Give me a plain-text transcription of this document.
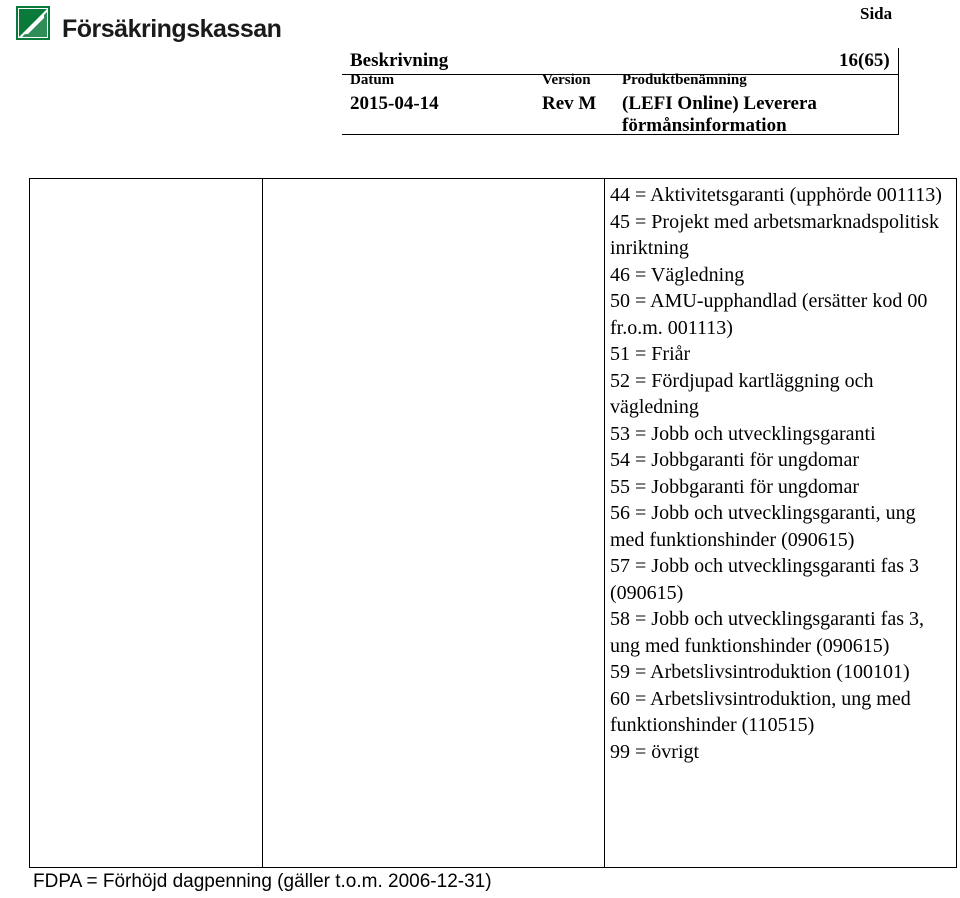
Försäkringskassan
Sida
Beskrivning	16(65)
Datum
2015-04-14
Version
Rev M
Produktbenämning
(LEFI Online) Leverera förmånsinformation
44 = Aktivitetsgaranti (upphörde 001113)
45 = Projekt med arbetsmarknadspolitisk inriktning
46 = Vägledning
50 = AMU-upphandlad (ersätter kod 00 fr.o.m. 001113)
51 = Friår
52 = Fördjupad kartläggning och vägledning
53 = Jobb och utvecklingsgaranti
54 = Jobbgaranti för ungdomar
55 = Jobbgaranti för ungdomar
56 = Jobb och utvecklingsgaranti, ung med funktionshinder (090615)
57 = Jobb och utvecklingsgaranti fas 3 (090615)
58 = Jobb och utvecklingsgaranti fas 3, ung med funktionshinder (090615)
59 = Arbetslivsintroduktion (100101)
60 = Arbetslivsintroduktion, ung med funktionshinder (110515)
99 = övrigt
FDPA = Förhöjd dagpenning (gäller t.o.m. 2006-12-31)
